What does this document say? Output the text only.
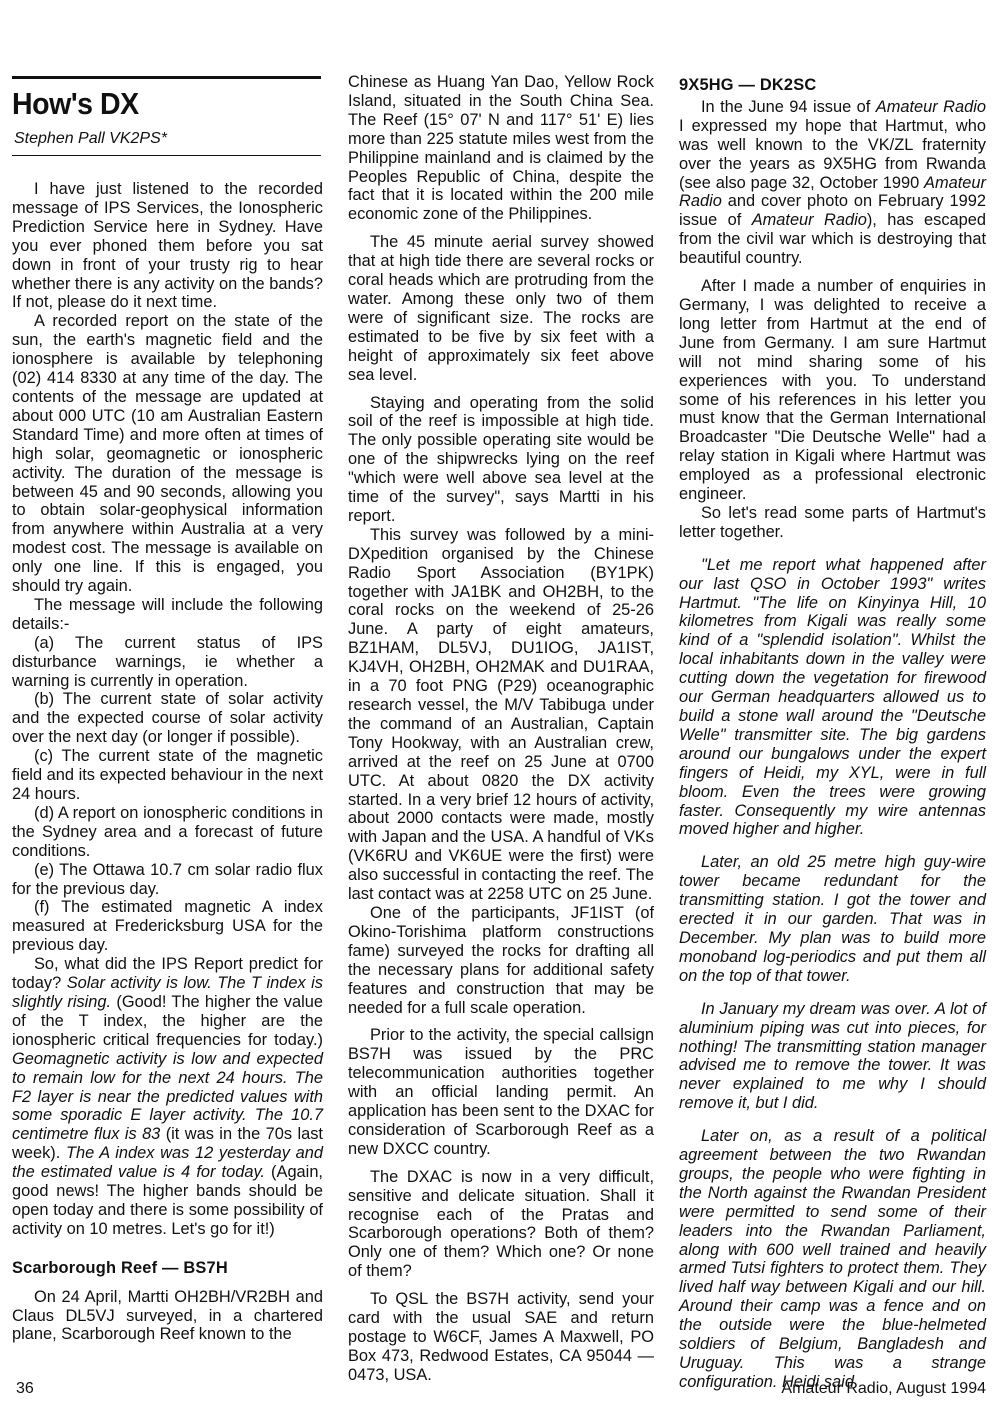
How's DX
Stephen Pall VK2PS*

I have just listened to the recorded message of IPS Services, the Ionospheric Prediction Service here in Sydney. Have you ever phoned them before you sat down in front of your trusty rig to hear whether there is any activity on the bands? If not, please do it next time.

A recorded report on the state of the sun, the earth's magnetic field and the ionosphere is available by telephoning (02) 414 8330 at any time of the day. The contents of the message are updated at about 000 UTC (10 am Australian Eastern Standard Time) and more often at times of high solar, geomagnetic or ionospheric activity. The duration of the message is between 45 and 90 seconds, allowing you to obtain solar-geophysical information from anywhere within Australia at a very modest cost. The message is available on only one line. If this is engaged, you should try again.

The message will include the following details:-

(a) The current status of IPS disturbance warnings, ie whether a warning is currently in operation.

(b) The current state of solar activity and the expected course of solar activity over the next day (or longer if possible).

(c) The current state of the magnetic field and its expected behaviour in the next 24 hours.

(d) A report on ionospheric conditions in the Sydney area and a forecast of future conditions.

(e) The Ottawa 10.7 cm solar radio flux for the previous day.

(f) The estimated magnetic A index measured at Fredericksburg USA for the previous day.

So, what did the IPS Report predict for today? Solar activity is low. The T index is slightly rising. (Good! The higher the value of the T index, the higher are the ionospheric critical frequencies for today.) Geomagnetic activity is low and expected to remain low for the next 24 hours. The F2 layer is near the predicted values with some sporadic E layer activity. The 10.7 centimetre flux is 83 (it was in the 70s last week). The A index was 12 yesterday and the estimated value is 4 for today. (Again, good news! The higher bands should be open today and there is some possibility of activity on 10 metres. Let's go for it!)

Scarborough Reef — BS7H

On 24 April, Martti OH2BH/VR2BH and Claus DL5VJ surveyed, in a chartered plane, Scarborough Reef known to the

Chinese as Huang Yan Dao, Yellow Rock Island, situated in the South China Sea. The Reef (15° 07' N and 117° 51' E) lies more than 225 statute miles west from the Philippine mainland and is claimed by the Peoples Republic of China, despite the fact that it is located within the 200 mile economic zone of the Philippines.

The 45 minute aerial survey showed that at high tide there are several rocks or coral heads which are protruding from the water. Among these only two of them were of significant size. The rocks are estimated to be five by six feet with a height of approximately six feet above sea level.

Staying and operating from the solid soil of the reef is impossible at high tide. The only possible operating site would be one of the shipwrecks lying on the reef "which were well above sea level at the time of the survey", says Martti in his report.

This survey was followed by a mini-DXpedition organised by the Chinese Radio Sport Association (BY1PK) together with JA1BK and OH2BH, to the coral rocks on the weekend of 25-26 June. A party of eight amateurs, BZ1HAM, DL5VJ, DU1IOG, JA1IST, KJ4VH, OH2BH, OH2MAK and DU1RAA, in a 70 foot PNG (P29) oceanographic research vessel, the M/V Tabibuga under the command of an Australian, Captain Tony Hookway, with an Australian crew, arrived at the reef on 25 June at 0700 UTC. At about 0820 the DX activity started. In a very brief 12 hours of activity, about 2000 contacts were made, mostly with Japan and the USA. A handful of VKs (VK6RU and VK6UE were the first) were also successful in contacting the reef. The last contact was at 2258 UTC on 25 June.

One of the participants, JF1IST (of Okino-Torishima platform constructions fame) surveyed the rocks for drafting all the necessary plans for additional safety features and construction that may be needed for a full scale operation.

Prior to the activity, the special callsign BS7H was issued by the PRC telecommunication authorities together with an official landing permit. An application has been sent to the DXAC for consideration of Scarborough Reef as a new DXCC country.

The DXAC is now in a very difficult, sensitive and delicate situation. Shall it recognise each of the Pratas and Scarborough operations? Both of them? Only one of them? Which one? Or none of them?

To QSL the BS7H activity, send your card with the usual SAE and return postage to W6CF, James A Maxwell, PO Box 473, Redwood Estates, CA 95044 — 0473, USA.

9X5HG — DK2SC

In the June 94 issue of Amateur Radio I expressed my hope that Hartmut, who was well known to the VK/ZL fraternity over the years as 9X5HG from Rwanda (see also page 32, October 1990 Amateur Radio and cover photo on February 1992 issue of Amateur Radio), has escaped from the civil war which is destroying that beautiful country.

After I made a number of enquiries in Germany, I was delighted to receive a long letter from Hartmut at the end of June from Germany. I am sure Hartmut will not mind sharing some of his experiences with you. To understand some of his references in his letter you must know that the German International Broadcaster "Die Deutsche Welle" had a relay station in Kigali where Hartmut was employed as a professional electronic engineer.

So let's read some parts of Hartmut's letter together.

"Let me report what happened after our last QSO in October 1993" writes Hartmut. "The life on Kinyinya Hill, 10 kilometres from Kigali was really some kind of a "splendid isolation". Whilst the local inhabitants down in the valley were cutting down the vegetation for firewood our German headquarters allowed us to build a stone wall around the "Deutsche Welle" transmitter site. The big gardens around our bungalows under the expert fingers of Heidi, my XYL, were in full bloom. Even the trees were growing faster. Consequently my wire antennas moved higher and higher.

Later, an old 25 metre high guy-wire tower became redundant for the transmitting station. I got the tower and erected it in our garden. That was in December. My plan was to build more monoband log-periodics and put them all on the top of that tower.

In January my dream was over. A lot of aluminium piping was cut into pieces, for nothing! The transmitting station manager advised me to remove the tower. It was never explained to me why I should remove it, but I did.

Later on, as a result of a political agreement between the two Rwandan groups, the people who were fighting in the North against the Rwandan President were permitted to send some of their leaders into the Rwandan Parliament, along with 600 well trained and heavily armed Tutsi fighters to protect them. They lived half way between Kigali and our hill. Around their camp was a fence and on the outside were the blue-helmeted soldiers of Belgium, Bangladesh and Uruguay. This was a strange configuration. Heidi said

36	Amateur Radio, August 1994
